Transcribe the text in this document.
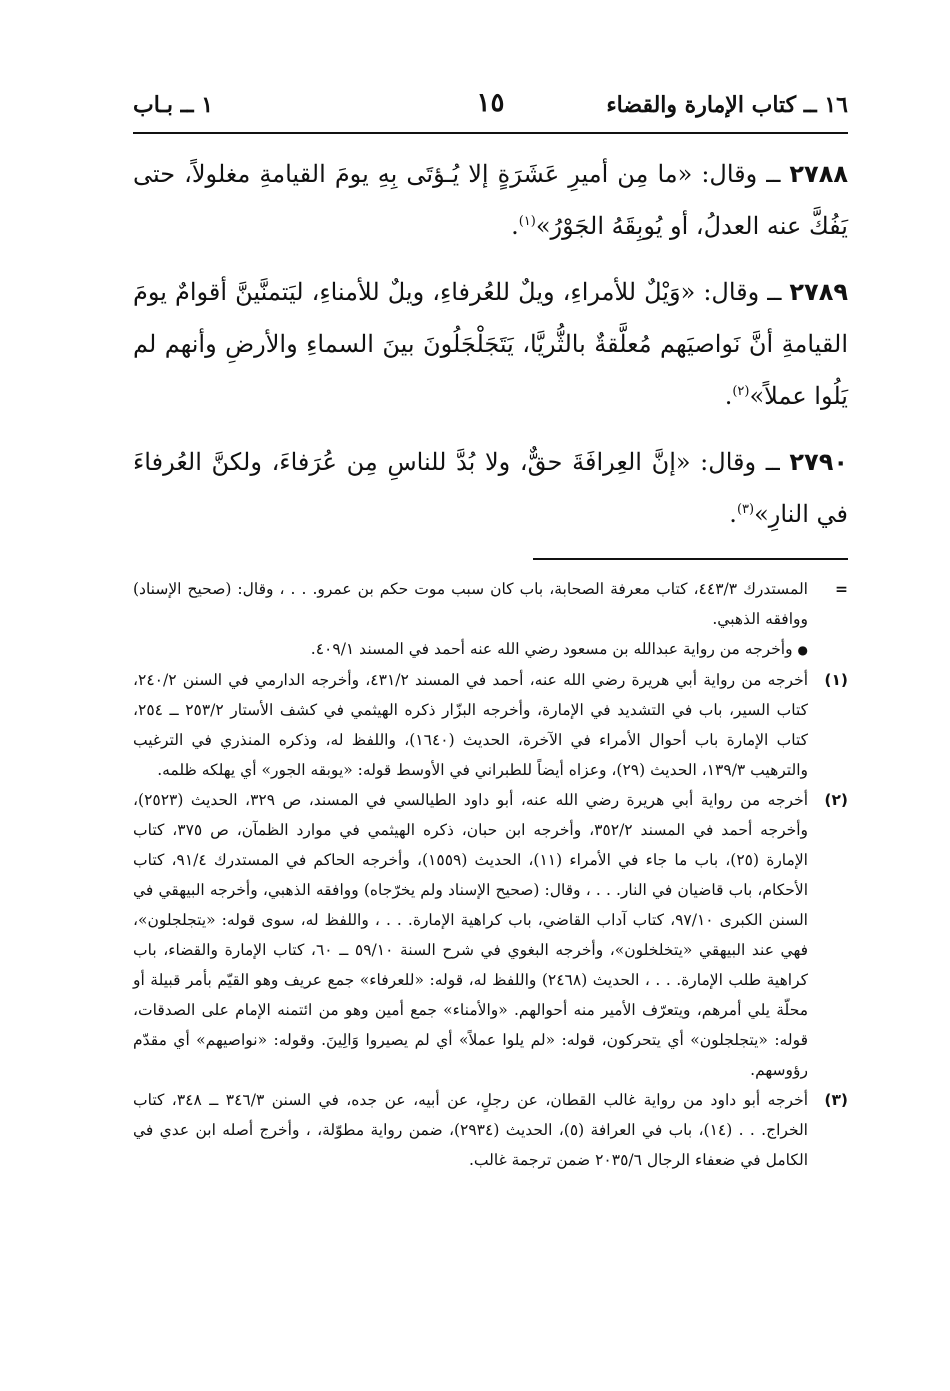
١٦ ــ كتاب الإمارة والقضاء
١٥
١ ــ بـاب
٢٧٨٨ ــ وقال: «ما مِن أميرِ عَشَرَةٍ إلا يُـؤتَى بِهِ يومَ القيامةِ مغلولاً، حتى يَفُكَّ عنه العدلُ، أو يُوبِقَهُ الجَوْرُ»$^{(١)}$.
٢٧٨٩ ــ وقال: «وَيْلٌ للأمراءِ، ويلٌ للعُرفاءِ، ويلٌ للأمناءِ، ليَتمنَّينَّ أقوامٌ يومَ القيامةِ أنَّ نَواصيَهم مُعلَّقةٌ بالثُّريَّا، يَتَجَلْجَلُونَ بينَ السماءِ والأرضِ وأنهم لم يَلُوا عملاً»$^{(٢)}$.
٢٧٩٠ ــ وقال: «إنَّ العِرافَةَ حقٌّ، ولا بُدَّ للناسِ مِن عُرَفاءَ، ولكنَّ العُرفاءَ في النارِ»$^{(٣)}$.
=

المستدرك ٤٤٣/٣، كتاب معرفة الصحابة، باب كان سبب موت حكم بن عمرو. . . ، وقال: (صحيح الإسناد) ووافقه الذهبي.

● وأخرجه من رواية عبدالله بن مسعود رضي الله عنه أحمد في المسند ٤٠٩/١.

(١)

أخرجه من رواية أبي هريرة رضي الله عنه، أحمد في المسند ٤٣١/٢، وأخرجه الدارمي في السنن ٢٤٠/٢، كتاب السير، باب في التشديد في الإمارة، وأخرجه البزّار ذكره الهيثمي في كشف الأستار ٢٥٣/٢ ــ ٢٥٤، كتاب الإمارة باب أحوال الأمراء في الآخرة، الحديث (١٦٤٠)، واللفظ له، وذكره المنذري في الترغيب والترهيب ١٣٩/٣، الحديث (٢٩)، وعزاه أيضاً للطبراني في الأوسط قوله: «يوبقه الجور» أي يهلكه ظلمه.

(٢)

أخرجه من رواية أبي هريرة رضي الله عنه، أبو داود الطيالسي في المسند، ص ٣٢٩، الحديث (٢٥٢٣)، وأخرجه أحمد في المسند ٣٥٢/٢، وأخرجه ابن حبان، ذكره الهيثمي في موارد الظمآن، ص ٣٧٥، كتاب الإمارة (٢٥)، باب ما جاء في الأمراء (١١)، الحديث (١٥٥٩)، وأخرجه الحاكم في المستدرك ٩١/٤، كتاب الأحكام، باب قاضيان في النار. . . ، وقال: (صحيح الإسناد ولم يخرّجاه) ووافقه الذهبي، وأخرجه البيهقي في السنن الكبرى ٩٧/١٠، كتاب آداب القاضي، باب كراهية الإمارة. . . ، واللفظ له، سوى قوله: «يتجلجلون»، فهي عند البيهقي «يتخلخلون»، وأخرجه البغوي في شرح السنة ٥٩/١٠ ــ ٦٠، كتاب الإمارة والقضاء، باب كراهية طلب الإمارة. . . ، الحديث (٢٤٦٨) واللفظ له، قوله: «للعرفاء» جمع عريف وهو القيّم بأمر قبيلة أو محلّة يلي أمرهم، ويتعرّف الأمير منه أحوالهم. «والأمناء» جمع أمين وهو من ائتمنه الإمام على الصدقات، قوله: «يتجلجلون» أي يتحركون، قوله: «لم يلوا عملاً» أي لم يصيروا وَالِينَ. وقوله: «نواصيهم» أي مقدّم رؤوسهم.

(٣)

أخرجه أبو داود من رواية غالب القطان، عن رجلٍ، عن أبيه، عن جده، في السنن ٣٤٦/٣ ــ ٣٤٨، كتاب الخراج. . . (١٤)، باب في العرافة (٥)، الحديث (٢٩٣٤)، ضمن رواية مطوّلة، ، وأخرج أصله ابن عدي في الكامل في ضعفاء الرجال ٢٠٣٥/٦ ضمن ترجمة غالب.
